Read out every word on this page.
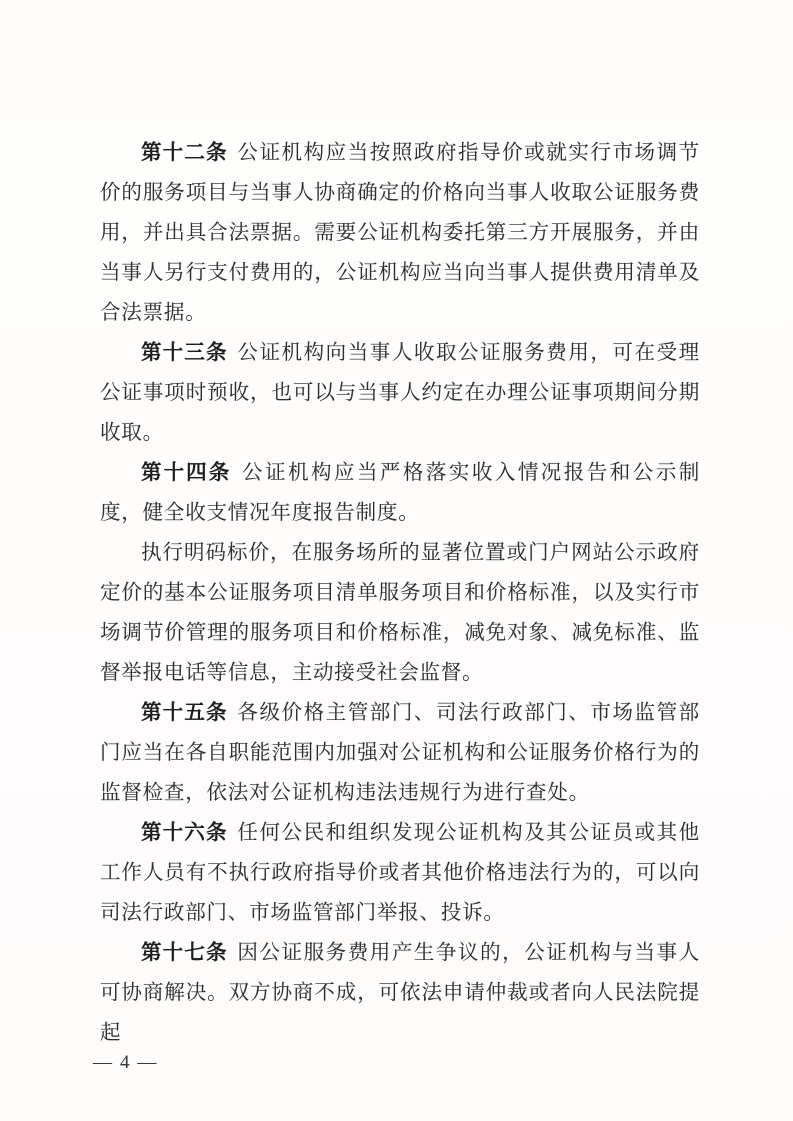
第十二条 公证机构应当按照政府指导价或就实行市场调节价的服务项目与当事人协商确定的价格向当事人收取公证服务费用，并出具合法票据。需要公证机构委托第三方开展服务，并由当事人另行支付费用的，公证机构应当向当事人提供费用清单及合法票据。

第十三条 公证机构向当事人收取公证服务费用，可在受理公证事项时预收，也可以与当事人约定在办理公证事项期间分期收取。

第十四条 公证机构应当严格落实收入情况报告和公示制度，健全收支情况年度报告制度。

执行明码标价，在服务场所的显著位置或门户网站公示政府定价的基本公证服务项目清单服务项目和价格标准，以及实行市场调节价管理的服务项目和价格标准，减免对象、减免标准、监督举报电话等信息，主动接受社会监督。

第十五条 各级价格主管部门、司法行政部门、市场监管部门应当在各自职能范围内加强对公证机构和公证服务价格行为的监督检查，依法对公证机构违法违规行为进行查处。

第十六条 任何公民和组织发现公证机构及其公证员或其他工作人员有不执行政府指导价或者其他价格违法行为的，可以向司法行政部门、市场监管部门举报、投诉。

第十七条 因公证服务费用产生争议的，公证机构与当事人可协商解决。双方协商不成，可依法申请仲裁或者向人民法院提起

— 4 —
